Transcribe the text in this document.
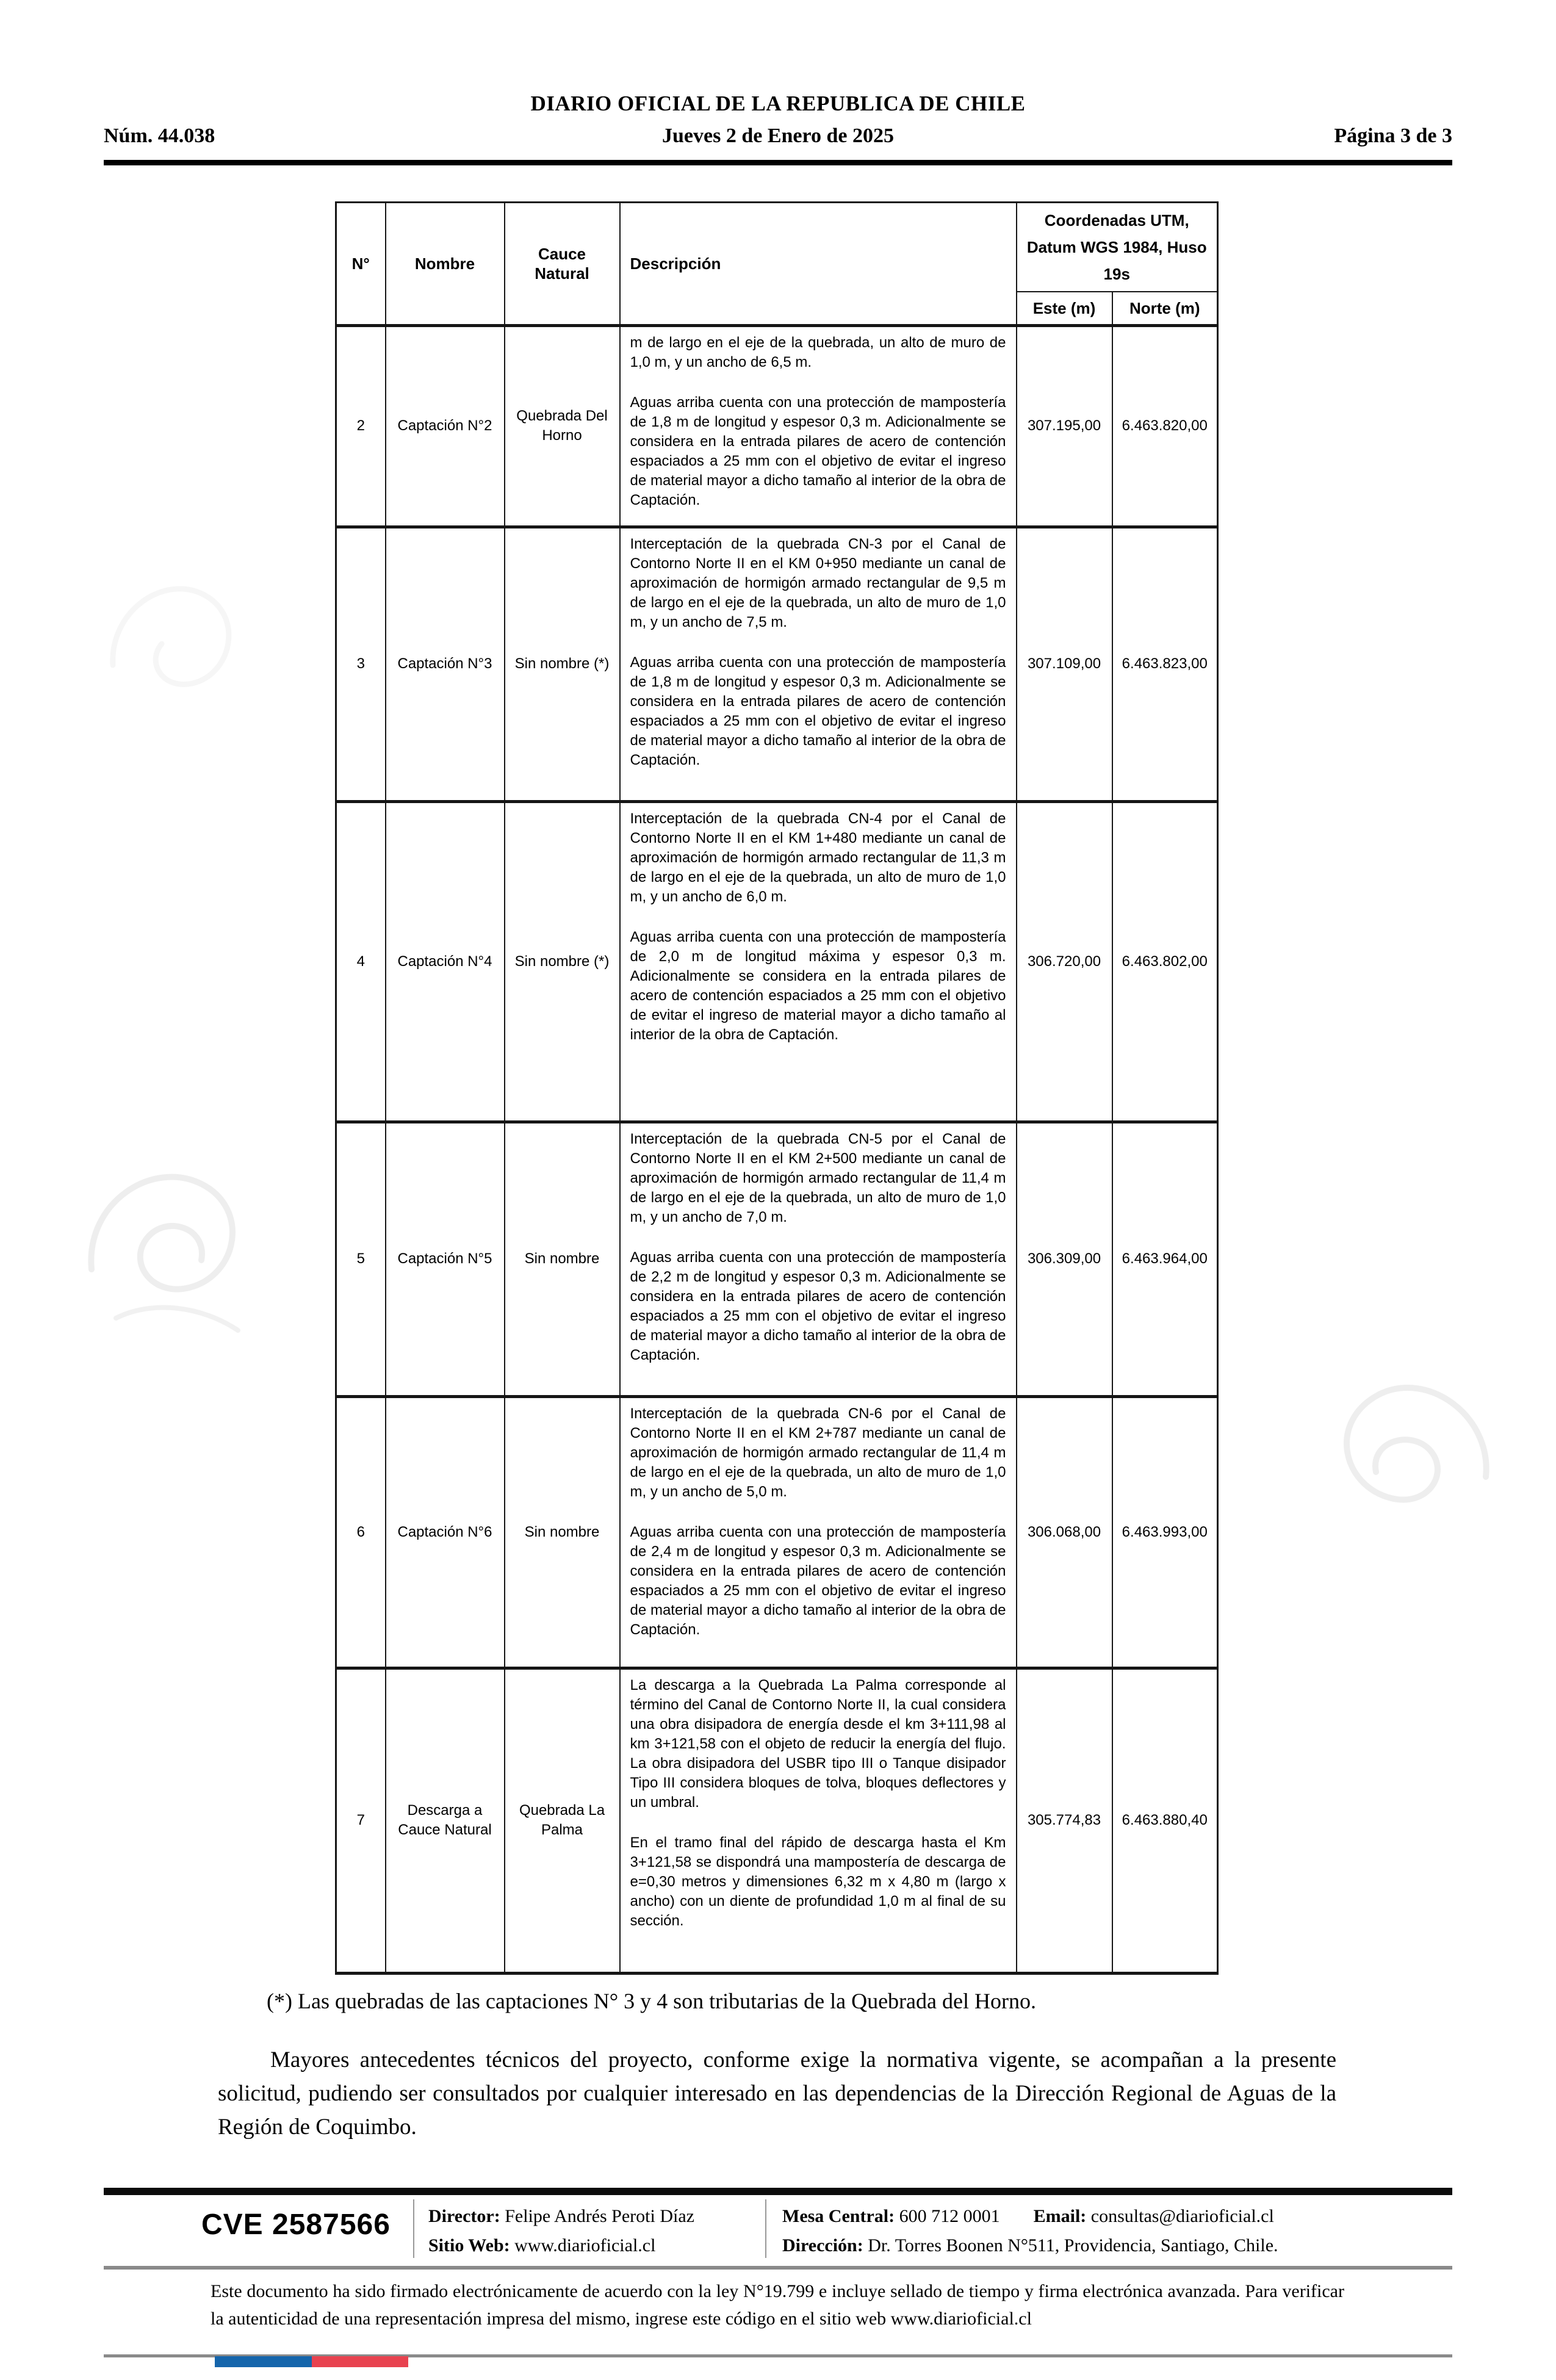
DIARIO OFICIAL DE LA REPUBLICA DE CHILE
Núm. 44.038	Jueves 2 de Enero de 2025	Página 3 de 3
N°	Nombre	Cauce Natural	Descripción	Coordenadas UTM, Datum WGS 1984, Huso 19s	
				Este (m)	Norte (m)
2	Captación N°2	Quebrada Del Horno	m de largo en el eje de la quebrada, un alto de muro de 1,0 m, y un ancho de 6,5 m.

Aguas arriba cuenta con una protección de mampostería de 1,8 m de longitud y espesor 0,3 m. Adicionalmente se considera en la entrada pilares de acero de contención espaciados a 25 mm con el objetivo de evitar el ingreso de material mayor a dicho tamaño al interior de la obra de Captación.	307.195,00	6.463.820,00
3	Captación N°3	Sin nombre (*)	Interceptación de la quebrada CN-3 por el Canal de Contorno Norte II en el KM 0+950 mediante un canal de aproximación de hormigón armado rectangular de 9,5 m de largo en el eje de la quebrada, un alto de muro de 1,0 m, y un ancho de 7,5 m.

Aguas arriba cuenta con una protección de mampostería de 1,8 m de longitud y espesor 0,3 m. Adicionalmente se considera en la entrada pilares de acero de contención espaciados a 25 mm con el objetivo de evitar el ingreso de material mayor a dicho tamaño al interior de la obra de Captación.	307.109,00	6.463.823,00
4	Captación N°4	Sin nombre (*)	Interceptación de la quebrada CN-4 por el Canal de Contorno Norte II en el KM 1+480 mediante un canal de aproximación de hormigón armado rectangular de 11,3 m de largo en el eje de la quebrada, un alto de muro de 1,0 m, y un ancho de 6,0 m.

Aguas arriba cuenta con una protección de mampostería de 2,0 m de longitud máxima y espesor 0,3 m. Adicionalmente se considera en la entrada pilares de acero de contención espaciados a 25 mm con el objetivo de evitar el ingreso de material mayor a dicho tamaño al interior de la obra de Captación.	306.720,00	6.463.802,00
5	Captación N°5	Sin nombre	Interceptación de la quebrada CN-5 por el Canal de Contorno Norte II en el KM 2+500 mediante un canal de aproximación de hormigón armado rectangular de 11,4 m de largo en el eje de la quebrada, un alto de muro de 1,0 m, y un ancho de 7,0 m.

Aguas arriba cuenta con una protección de mampostería de 2,2 m de longitud y espesor 0,3 m. Adicionalmente se considera en la entrada pilares de acero de contención espaciados a 25 mm con el objetivo de evitar el ingreso de material mayor a dicho tamaño al interior de la obra de Captación.	306.309,00	6.463.964,00
6	Captación N°6	Sin nombre	Interceptación de la quebrada CN-6 por el Canal de Contorno Norte II en el KM 2+787 mediante un canal de aproximación de hormigón armado rectangular de 11,4 m de largo en el eje de la quebrada, un alto de muro de 1,0 m, y un ancho de 5,0 m.

Aguas arriba cuenta con una protección de mampostería de 2,4 m de longitud y espesor 0,3 m. Adicionalmente se considera en la entrada pilares de acero de contención espaciados a 25 mm con el objetivo de evitar el ingreso de material mayor a dicho tamaño al interior de la obra de Captación.	306.068,00	6.463.993,00
7	Descarga a Cauce Natural	Quebrada La Palma	La descarga a la Quebrada La Palma corresponde al término del Canal de Contorno Norte II, la cual considera una obra disipadora de energía desde el km 3+111,98 al km 3+121,58 con el objeto de reducir la energía del flujo. La obra disipadora del USBR tipo III o Tanque disipador Tipo III considera bloques de tolva, bloques deflectores y un umbral.

En el tramo final del rápido de descarga hasta el Km 3+121,58 se dispondrá una mampostería de descarga de e=0,30 metros y dimensiones 6,32 m x 4,80 m (largo x ancho) con un diente de profundidad 1,0 m al final de su sección.	305.774,83	6.463.880,40
(*) Las quebradas de las captaciones N° 3 y 4 son tributarias de la Quebrada del Horno.
Mayores antecedentes técnicos del proyecto, conforme exige la normativa vigente, se acompañan a la presente solicitud, pudiendo ser consultados por cualquier interesado en las dependencias de la Dirección Regional de Aguas de la Región de Coquimbo.
CVE 2587566 Director: Felipe Andrés Peroti Díaz
Sitio Web: www.diarioficial.cl
Mesa Central: 600 712 0001 Email: consultas@diarioficial.cl
Dirección: Dr. Torres Boonen N°511, Providencia, Santiago, Chile.
Este documento ha sido firmado electrónicamente de acuerdo con la ley N°19.799 e incluye sellado de tiempo y firma electrónica avanzada. Para verificar la autenticidad de una representación impresa del mismo, ingrese este código en el sitio web www.diarioficial.cl
